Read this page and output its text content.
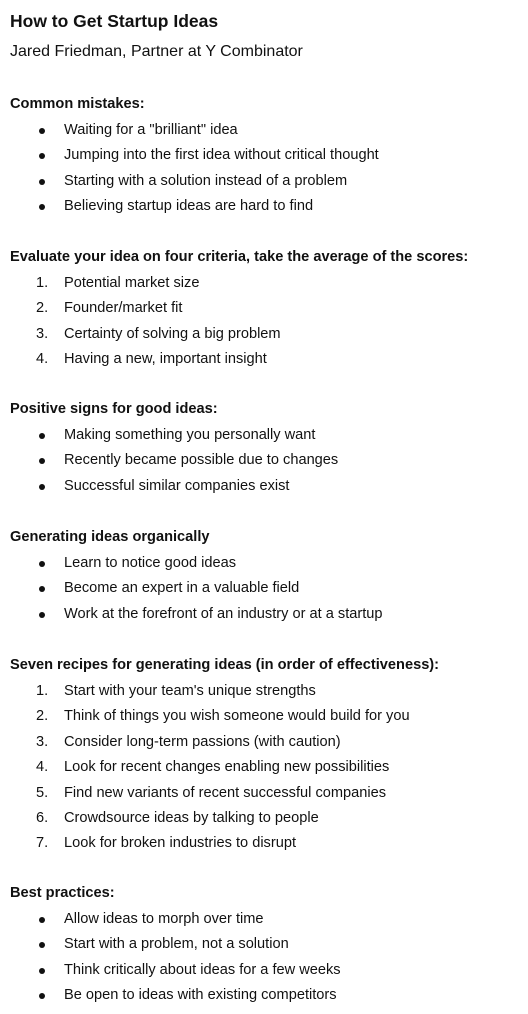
How to Get Startup Ideas

Jared Friedman, Partner at Y Combinator

Common mistakes:
Waiting for a "brilliant" idea
Jumping into the first idea without critical thought
Starting with a solution instead of a problem
Believing startup ideas are hard to find
Evaluate your idea on four criteria, take the average of the scores:
1.	Potential market size
2.	Founder/market fit
3.	Certainty of solving a big problem
4.	Having a new, important insight
Positive signs for good ideas:
Making something you personally want
Recently became possible due to changes
Successful similar companies exist
Generating ideas organically
Learn to notice good ideas
Become an expert in a valuable field
Work at the forefront of an industry or at a startup
Seven recipes for generating ideas (in order of effectiveness):
1.	Start with your team's unique strengths
2.	Think of things you wish someone would build for you
3.	Consider long-term passions (with caution)
4.	Look for recent changes enabling new possibilities
5.	Find new variants of recent successful companies
6.	Crowdsource ideas by talking to people
7.	Look for broken industries to disrupt
Best practices:
Allow ideas to morph over time
Start with a problem, not a solution
Think critically about ideas for a few weeks
Be open to ideas with existing competitors
